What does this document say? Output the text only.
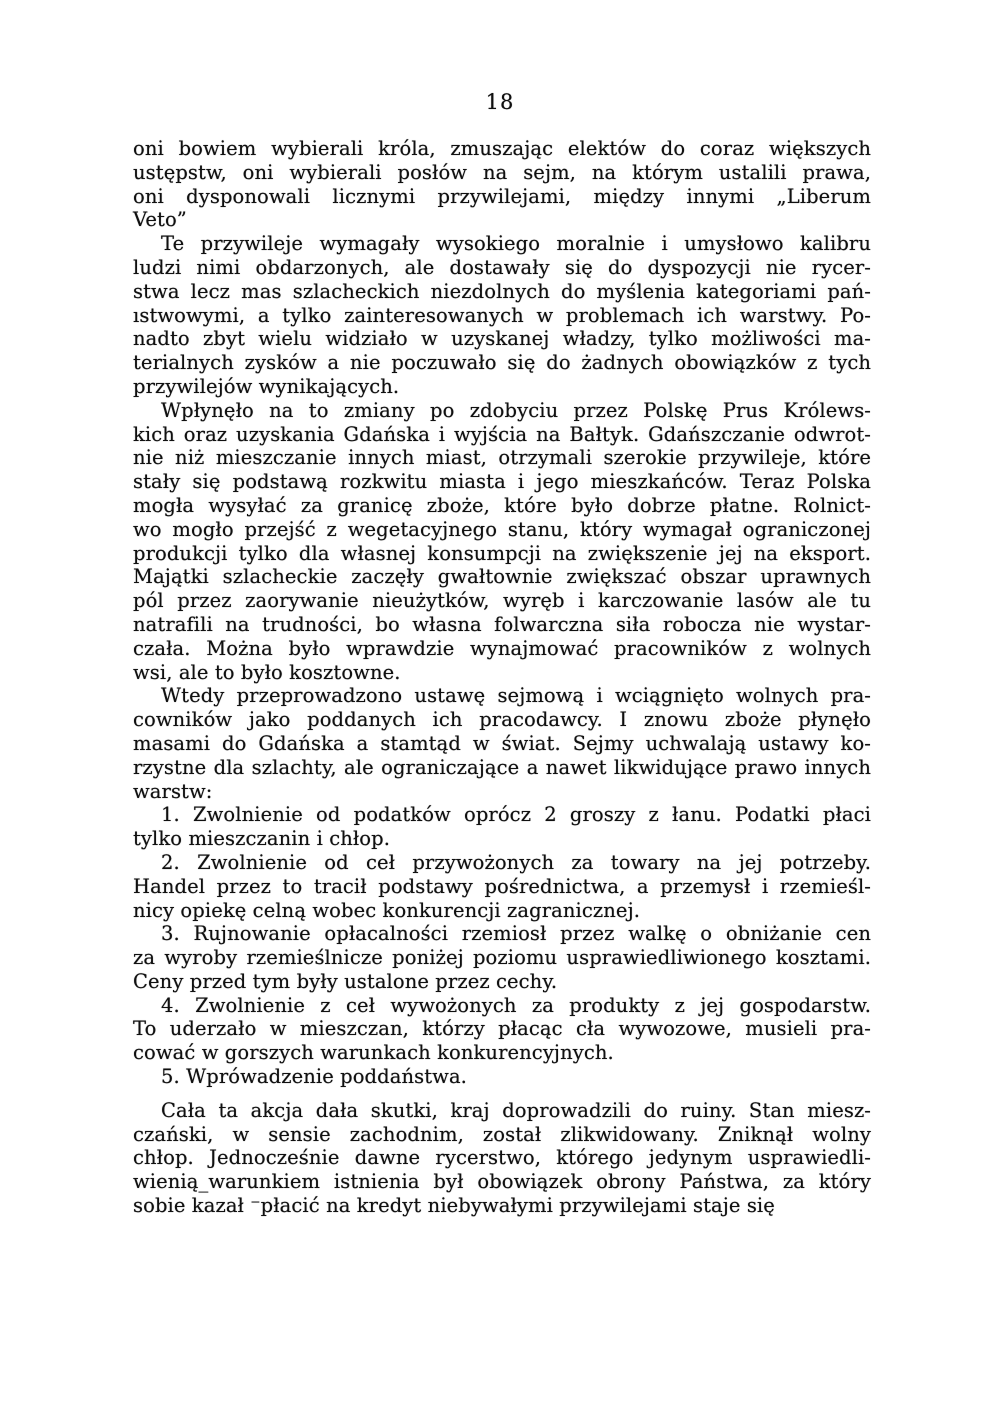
18
oni bowiem wybierali króla, zmuszając elektów do coraz większych
ustępstw, oni wybierali posłów na sejm, na którym ustalili prawa,
oni dysponowali licznymi przywilejami, między innymi „Liberum
Veto”
Te przywileje wymagały wysokiego moralnie i umysłowo kalibru
ludzi nimi obdarzonych, ale dostawały się do dyspozycji nie rycer-
stwa lecz mas szlacheckich niezdolnych do myślenia kategoriami pań-
ıstwowymi, a tylko zainteresowanych w problemach ich warstwy. Po-
nadto zbyt wielu widziało w uzyskanej władzy, tylko możliwości ma-
terialnych zysków a nie poczuwało się do żadnych obowiązków z tych
przywilejów wynikających.
Wpłynęło na to zmiany po zdobyciu przez Polskę Prus Królews-
kich oraz uzyskania Gdańska i wyjścia na Bałtyk. Gdańszczanie odwrot-
nie niż mieszczanie innych miast, otrzymali szerokie przywileje, które
stały się podstawą rozkwitu miasta i jego mieszkańców. Teraz Polska
mogła wysyłać za granicę zboże, które było dobrze płatne. Rolnict-
wo mogło przejść z wegetacyjnego stanu, który wymagał ograniczonej
produkcji tylko dla własnej konsumpcji na zwiększenie jej na eksport.
Majątki szlacheckie zaczęły gwałtownie zwiększać obszar uprawnych
pól przez zaorywanie nieużytków, wyręb i karczowanie lasów ale tu
natrafili na trudności, bo własna folwarczna siła robocza nie wystar-
czała. Można było wprawdzie wynajmować pracowników z wolnych
wsi, ale to było kosztowne.
Wtedy przeprowadzono ustawę sejmową i wciągnięto wolnych pra-
cowników jako poddanych ich pracodawcy. I znowu zboże płynęło
masami do Gdańska a stamtąd w świat. Sejmy uchwalają ustawy ko-
rzystne dla szlachty, ale ograniczające a nawet likwidujące prawo innych
warstw:
1. Zwolnienie od podatków oprócz 2 groszy z łanu. Podatki płaci
tylko mieszczanin i chłop.
2. Zwolnienie od ceł przywożonych za towary na jej potrzeby.
Handel przez to tracił podstawy pośrednictwa, a przemysł i rzemieśl-
nicy opiekę celną wobec konkurencji zagranicznej.
3. Rujnowanie opłacalności rzemiosł przez walkę o obniżanie cen
za wyroby rzemieślnicze poniżej poziomu usprawiedliwionego kosztami.
Ceny przed tym były ustalone przez cechy.
4. Zwolnienie z ceł wywożonych za produkty z jej gospodarstw.
To uderzało w mieszczan, którzy płacąc cła wywozowe, musieli pra-
cować w gorszych warunkach konkurencyjnych.
5. Wprówadzenie poddaństwa.
Cała ta akcja dała skutki, kraj doprowadzili do ruiny. Stan miesz-
czański, w sensie zachodnim, został zlikwidowany. Zniknął wolny
chłop. Jednocześnie dawne rycerstwo, którego jedynym usprawiedli-
wienią_warunkiem istnienia był obowiązek obrony Państwa, za który
sobie kazał ⁻płacić na kredyt niebywałymi przywilejami staje się
